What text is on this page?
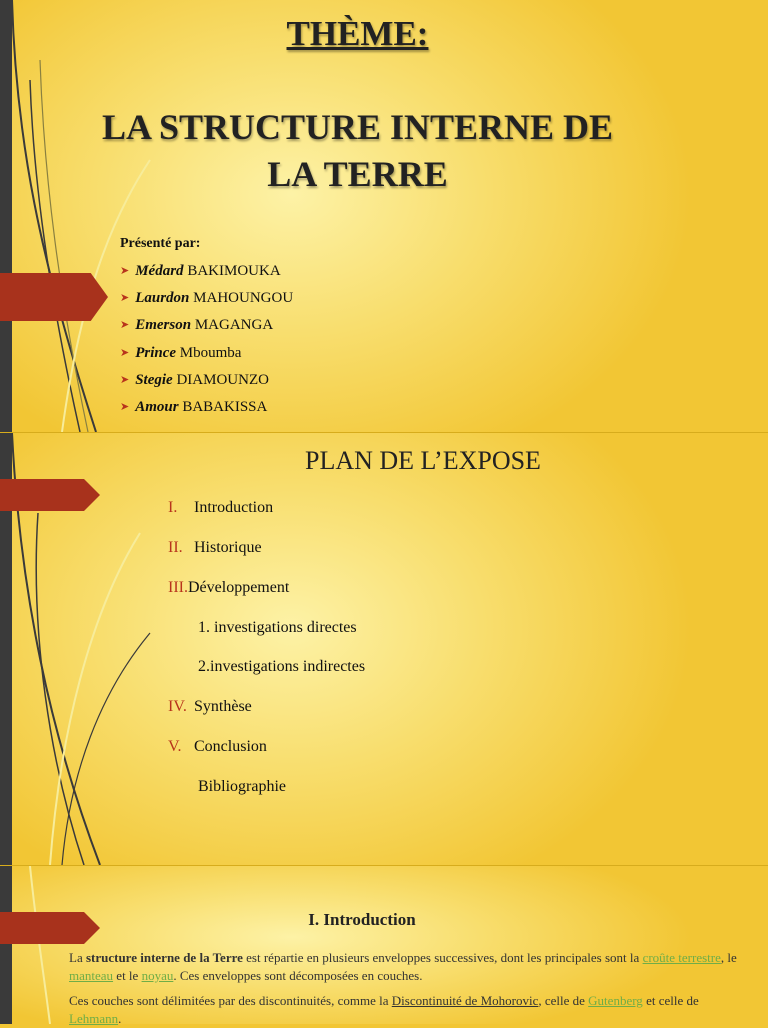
THÈME:
LA STRUCTURE INTERNE DE
LA TERRE
Présenté par:
➤ Médard BAKIMOUKA
➤ Laurdon MAHOUNGOU
➤ Emerson MAGANGA
➤ Prince Mboumba
➤ Stegie DIAMOUNZO
➤ Amour BABAKISSA
PLAN DE L’EXPOSE
I. Introduction
II. Historique
III.Développement
1. investigations directes
2.investigations indirectes
IV. Synthèse
V. Conclusion
Bibliographie
I. Introduction
La structure interne de la Terre est répartie en plusieurs enveloppes successives, dont les principales sont la croûte terrestre, le manteau et le noyau. Ces enveloppes sont décomposées en couches.
Ces couches sont délimitées par des discontinuités, comme la Discontinuité de Mohorovic, celle de Gutenberg et celle de Lehmann.
